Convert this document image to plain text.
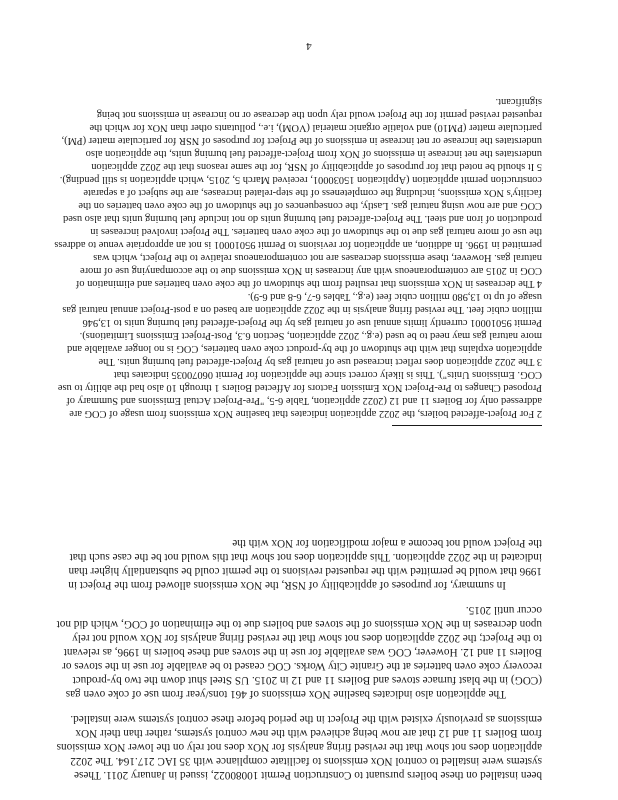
been installed on these boilers pursuant to Construction Permit 10080022, issued in January 2011. These systems were installed to control NOx emissions to facilitate compliance with 35 IAC 217.164. The 2022 application does not show that the revised firing analysis for NOx does not rely on the lower NOx emissions from Boilers 11 and 12 that are now being achieved with the new control systems, rather than their NOx emissions as previously existed with the Project in the period before these control systems were installed.

The application also indicates baseline NOx emissions of 461 tons/year from use of coke oven gas (COG) in the blast furnace stoves and Boilers 11 and 12 in 2015. US Steel shut down the two by-product recovery coke oven batteries at the Granite City Works. COG ceased to be available for use in the stoves or Boilers 11 and 12. However, COG was available for use in the stoves and these boilers in 1996, as relevant to the Project; the 2022 application does not show that the revised firing analysis for NOx would not rely upon decreases in the NOx emissions of the stoves and boilers due to the elimination of COG, which did not occur until 2015.

In summary, for purposes of applicability of NSR, the NOx emissions allowed from the Project in 1996 that would be permitted with the requested revisions to the permit could be substantially higher than indicated in the 2022 application. This application does not show that this would not be the case such that the Project would not become a major modification for NOx with the

2 For Project-affected boilers, the 2022 application indicates that baseline NOx emissions from usage of COG are addressed only for Boilers 11 and 12 (2022 application, Table 6-5, "Pre-Project Actual Emissions and Summary of Proposed Changes to Pre-Project NOx Emission Factors for Affected Boilers 1 through 10 also had the ability to use COG. Emissions Units"). This is likely correct since the application for Permit 06070035 indicates that

3 The 2022 application does reflect increased use of natural gas by Project-affected fuel burning units. The application explains that with the shutdown of the by-product coke oven batteries, COG is no longer available and more natural gas may need to be used (e.g., 2022 application, Section 6.3, Post-Project Emissions Limitations). Permit 95010001 currently limits annual use of natural gas by the Project-affected fuel burning units to 13,946 million cubic feet. The revised firing analysis in the 2022 application are based on a post-Project annual natural gas usage of up to 13,980 million cubic feet (e.g., Tables 6-7, 6-8 and 6-9).

4 The decreases in NOx emissions that resulted from the shutdown of the coke oven batteries and elimination of COG in 2015 are contemporaneous with any increases in NOx emissions due to the accompanying use of more natural gas. However, these emissions decreases are not contemporaneous relative to the Project, which was permitted in 1996. In addition, an application for revisions to Permit 95010001 is not an appropriate venue to address the use of more natural gas due to the shutdown of the coke oven batteries. The Project involved increases in production of iron and steel. The Project-affected fuel burning units do not include fuel burning units that also used COG and are now using natural gas. Lastly, the consequences of the shutdown of the coke oven batteries on the facility's NOx emissions, including the completeness of the step-related increases, are the subject of a separate construction permit application (Application 15030001, received March 5, 2015, which application is still pending).

5 It should be noted that for purposes of applicability of NSR, for the same reasons that the 2022 application understates the net increase in emissions of NOx from Project-affected fuel burning units, the application also understates the increase or net increase in emissions of the Project for purposes of NSR for particulate matter (PM), particulate matter (PM10) and volatile organic material (VOM), i.e., pollutants other than NOx for which the requested revised permit for the Project would rely upon the decrease or no increase in emissions not being significant.

4
